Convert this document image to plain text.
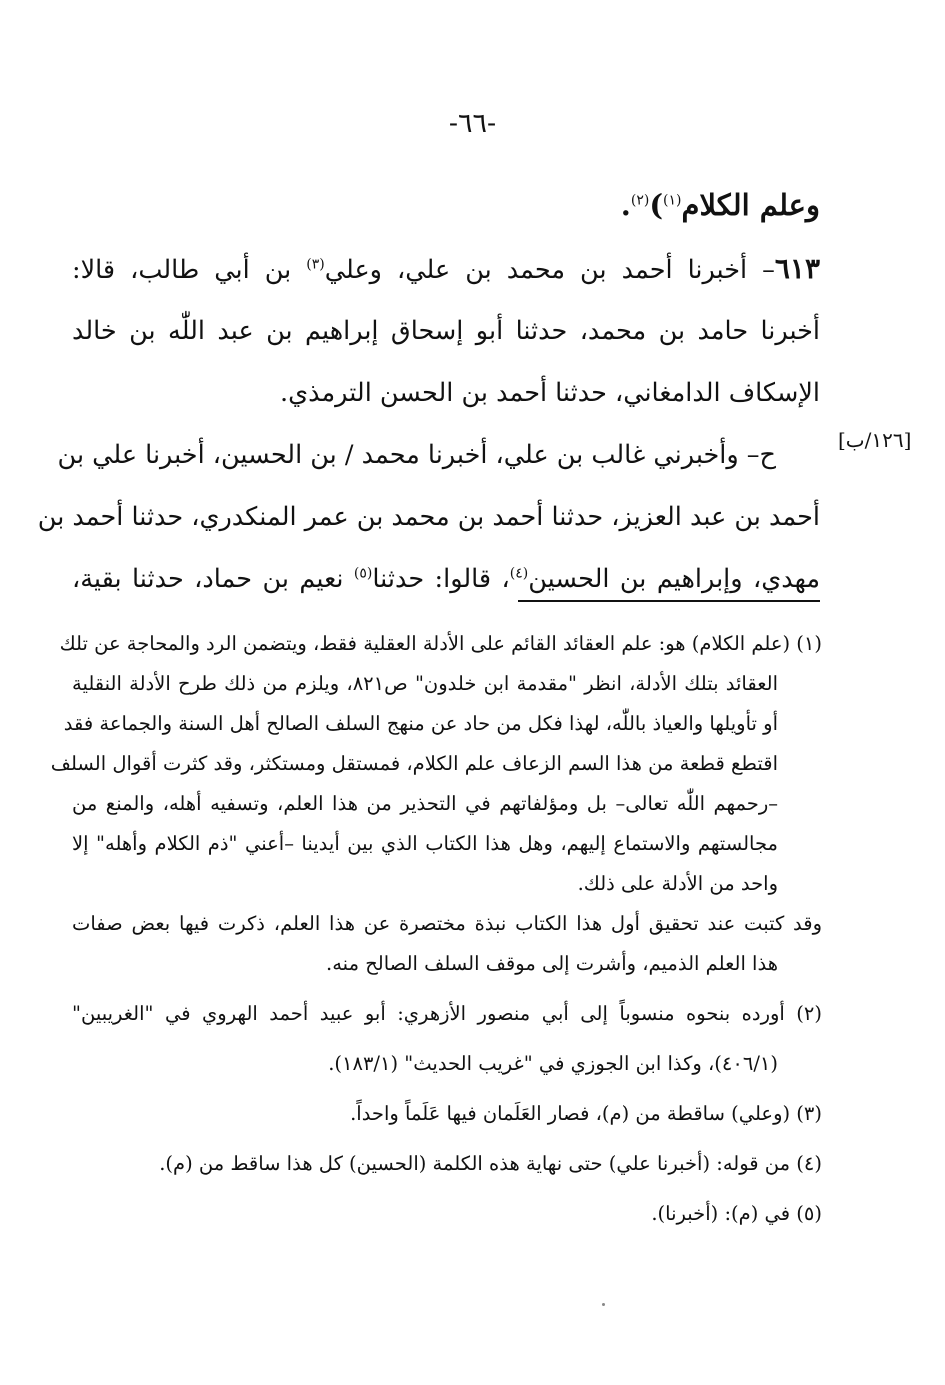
-٦٦-
وعلم الكلام$^{(١)}$)$^{(٢)}$.
[١٢٦/ب]
٦١٣– أخبرنا أحمد بن محمد بن علي، وعلي$^{(٣)}$ بن أبي طالب، قالا:
أخبرنا حامد بن محمد، حدثنا أبو إسحاق إبراهيم بن عبد اللّٰه بن خالد
الإسكاف الدامغاني، حدثنا أحمد بن الحسن الترمذي.
ح– وأخبرني غالب بن علي، أخبرنا محمد / بن الحسين، أخبرنا علي بن
أحمد بن عبد العزيز، حدثنا أحمد بن محمد بن عمر المنكدري، حدثنا أحمد بن
مهدي، وإبراهيم بن الحسين$^{(٤)}$، قالوا: حدثنا$^{(٥)}$ نعيم بن حماد، حدثنا بقية،
(١) (علم الكلام) هو: علم العقائد القائم على الأدلة العقلية فقط، ويتضمن الرد والمحاجة عن تلك
العقائد بتلك الأدلة، انظر "مقدمة ابن خلدون" ص٨٢١، ويلزم من ذلك طرح الأدلة النقلية
أو تأويلها والعياذ باللّٰه، لهذا فكل من حاد عن منهج السلف الصالح أهل السنة والجماعة فقد
اقتطع قطعة من هذا السم الزعاف علم الكلام، فمستقل ومستكثر، وقد كثرت أقوال السلف
–رحمهم اللّٰه تعالى– بل ومؤلفاتهم في التحذير من هذا العلم، وتسفيه أهله، والمنع من
مجالستهم والاستماع إليهم، وهل هذا الكتاب الذي بين أيدينا –أعني "ذم الكلام وأهله" إلا
واحد من الأدلة على ذلك.
وقد كتبت عند تحقيق أول هذا الكتاب نبذة مختصرة عن هذا العلم، ذكرت فيها بعض صفات
هذا العلم الذميم، وأشرت إلى موقف السلف الصالح منه.
(٢) أورده بنحوه منسوباً إلى أبي منصور الأزهري: أبو عبيد أحمد الهروي في "الغريبين"
(٤٠٦/١)، وكذا ابن الجوزي في "غريب الحديث" (١٨٣/١).
(٣) (وعلي) ساقطة من (م)، فصار العَلَمان فيها عَلَماً واحداً.
(٤) من قوله: (أخبرنا علي) حتى نهاية هذه الكلمة (الحسين) كل هذا ساقط من (م).
(٥) في (م): (أخبرنا).
